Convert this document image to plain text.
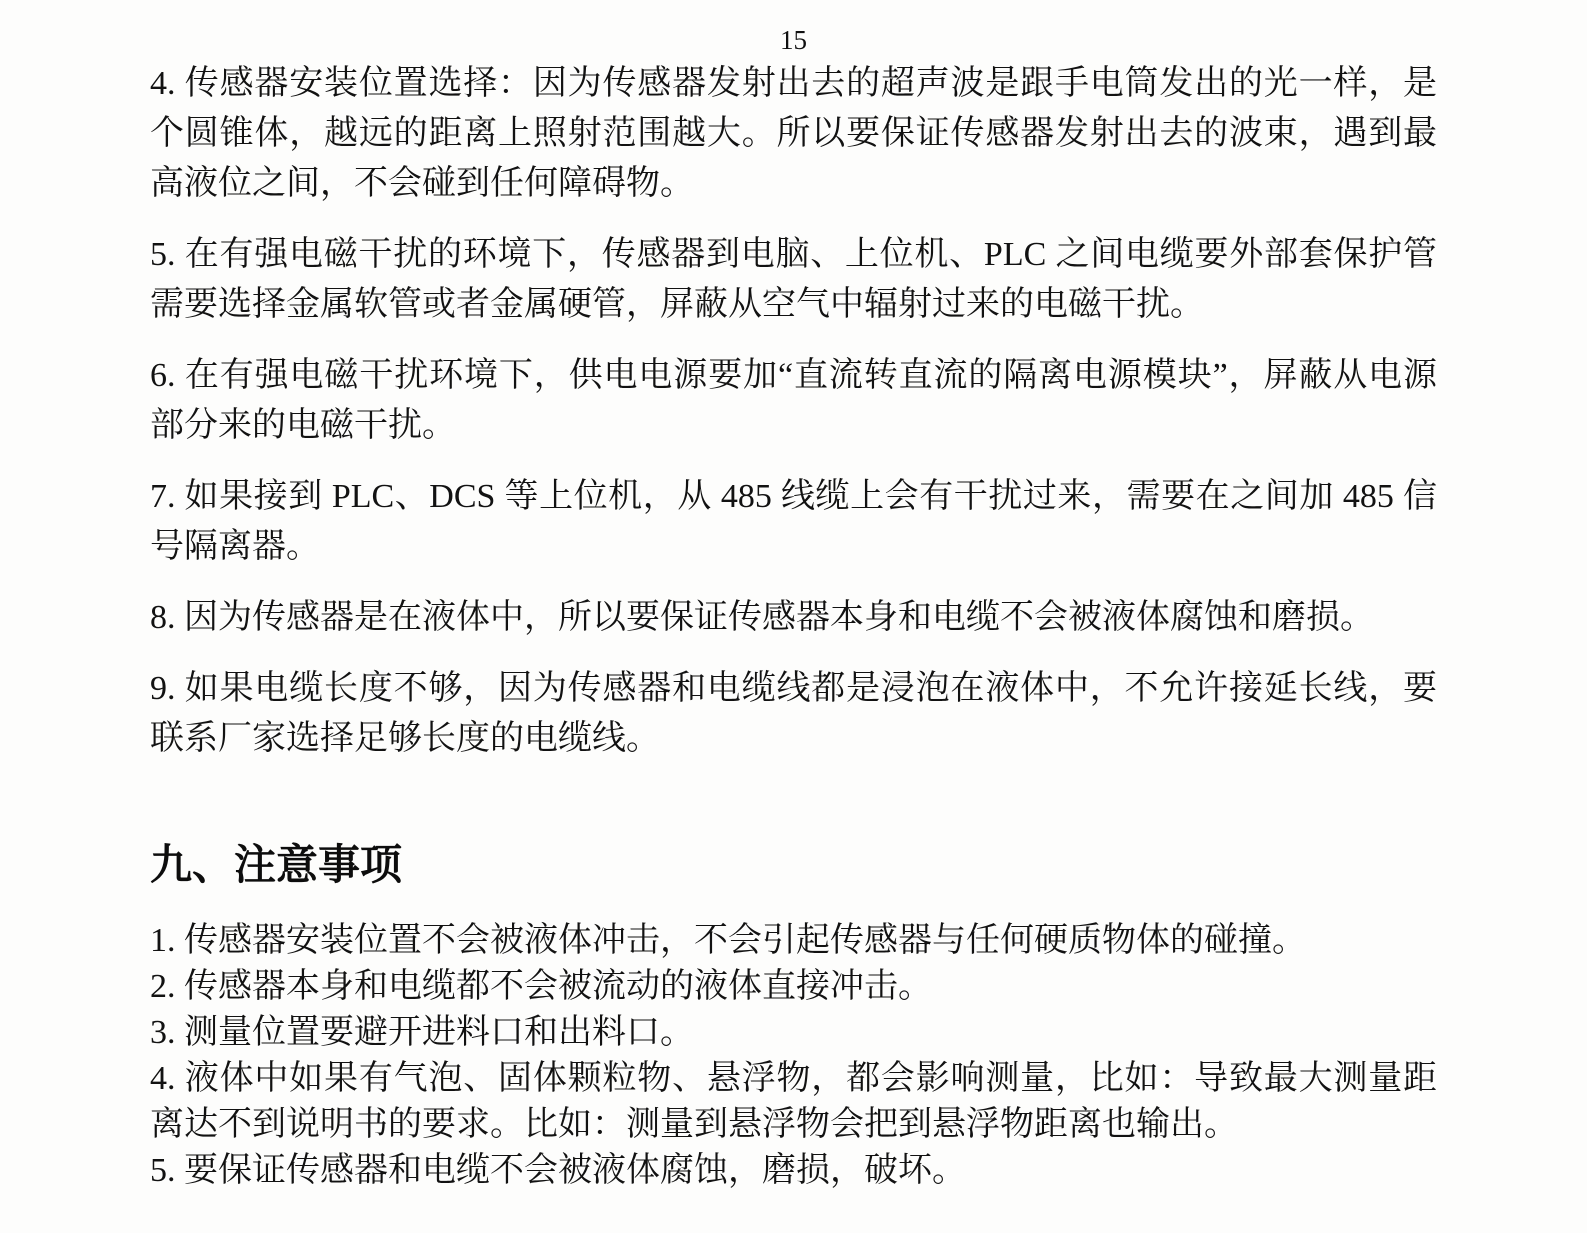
15

4. 传感器安装位置选择：因为传感器发射出去的超声波是跟手电筒发出的光一样，是个圆锥体，越远的距离上照射范围越大。所以要保证传感器发射出去的波束，遇到最高液位之间，不会碰到任何障碍物。

5. 在有强电磁干扰的环境下，传感器到电脑、上位机、PLC 之间电缆要外部套保护管需要选择金属软管或者金属硬管，屏蔽从空气中辐射过来的电磁干扰。

6. 在有强电磁干扰环境下，供电电源要加“直流转直流的隔离电源模块”，屏蔽从电源部分来的电磁干扰。

7. 如果接到 PLC、DCS 等上位机，从 485 线缆上会有干扰过来，需要在之间加 485 信号隔离器。

8. 因为传感器是在液体中，所以要保证传感器本身和电缆不会被液体腐蚀和磨损。

9. 如果电缆长度不够，因为传感器和电缆线都是浸泡在液体中，不允许接延长线，要联系厂家选择足够长度的电缆线。

九、注意事项

1. 传感器安装位置不会被液体冲击，不会引起传感器与任何硬质物体的碰撞。

2. 传感器本身和电缆都不会被流动的液体直接冲击。

3. 测量位置要避开进料口和出料口。

4. 液体中如果有气泡、固体颗粒物、悬浮物，都会影响测量，比如：导致最大测量距离达不到说明书的要求。比如：测量到悬浮物会把到悬浮物距离也输出。

5. 要保证传感器和电缆不会被液体腐蚀，磨损，破坏。
